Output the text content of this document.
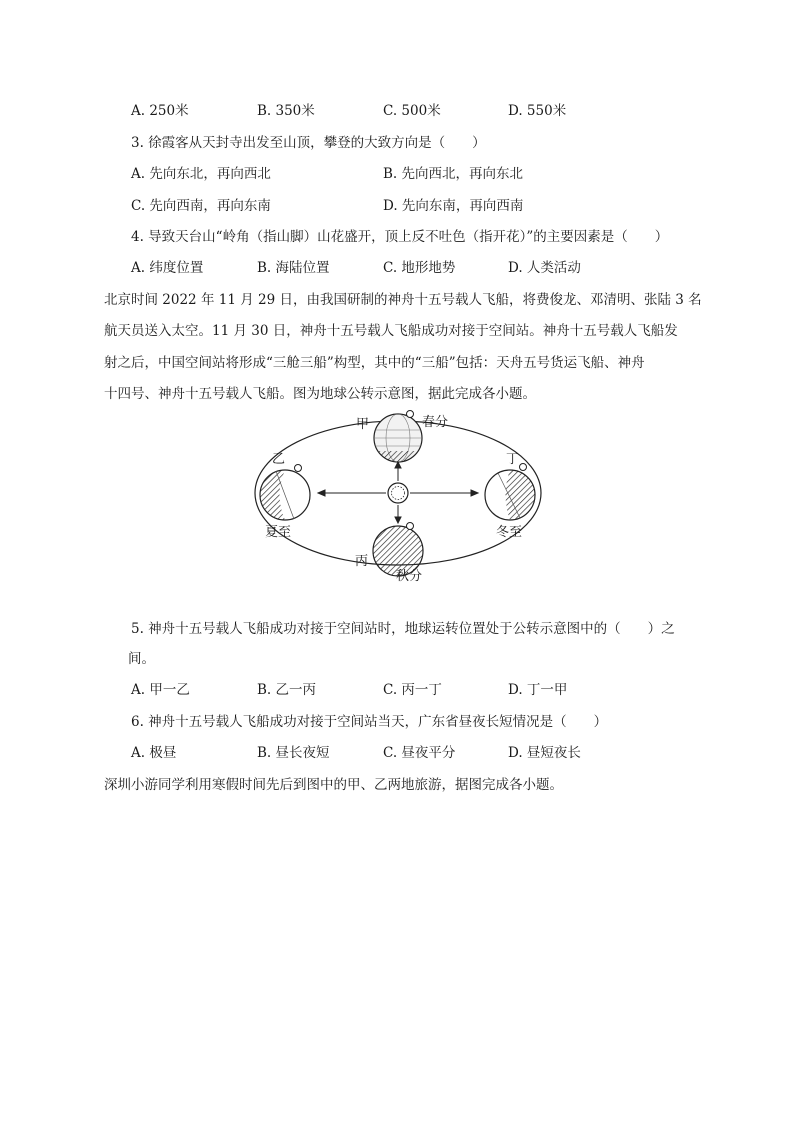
A. 250米	B. 350米	C. 500米	D. 550米
3. 徐霞客从天封寺出发至山顶，攀登的大致方向是（　　）
A. 先向东北，再向西北	B. 先向西北，再向东北
C. 先向西南，再向东南	D. 先向东南，再向西南
4. 导致天台山“岭角（指山脚）山花盛开，顶上反不吐色（指开花）”的主要因素是（　　）
A. 纬度位置	B. 海陆位置	C. 地形地势	D. 人类活动
北京时间 2022 年 11 月 29 日，由我国研制的神舟十五号载人飞船，将费俊龙、邓清明、张陆 3 名
航天员送入太空。11 月 30 日，神舟十五号载人飞船成功对接于空间站。神舟十五号载人飞船发
射之后，中国空间站将形成“三舱三船”构型，其中的“三船”包括：天舟五号货运飞船、神舟
十四号、神舟十五号载人飞船。图为地球公转示意图，据此完成各小题。
甲	春分
乙
夏至
丁
冬至
丙
秋分
5. 神舟十五号载人飞船成功对接于空间站时，地球运转位置处于公转示意图中的（　　）之
间。
A. 甲一乙	B. 乙一丙	C. 丙一丁	D. 丁一甲
6. 神舟十五号载人飞船成功对接于空间站当天，广东省昼夜长短情况是（　　）
A. 极昼	B. 昼长夜短	C. 昼夜平分	D. 昼短夜长
深圳小游同学利用寒假时间先后到图中的甲、乙两地旅游，据图完成各小题。
